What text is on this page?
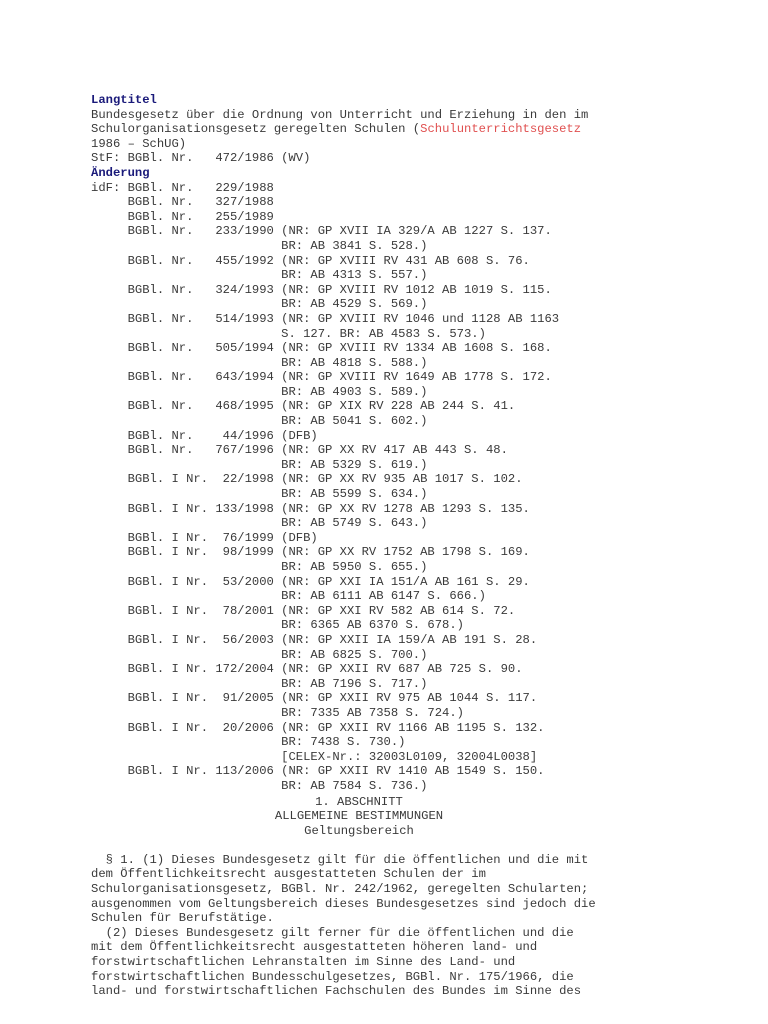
Langtitel
Bundesgesetz über die Ordnung von Unterricht und Erziehung in den im
Schulorganisationsgesetz geregelten Schulen (Schulunterrichtsgesetz
1986 – SchUG)
StF: BGBl. Nr.   472/1986 (WV)
Änderung
idF: BGBl. Nr.   229/1988
BGBl. Nr.   327/1988
BGBl. Nr.   255/1989
BGBl. Nr.   233/1990 (NR: GP XVII IA 329/A AB 1227 S. 137.
BR: AB 3841 S. 528.)
BGBl. Nr.   455/1992 (NR: GP XVIII RV 431 AB 608 S. 76.
BR: AB 4313 S. 557.)
BGBl. Nr.   324/1993 (NR: GP XVIII RV 1012 AB 1019 S. 115.
BR: AB 4529 S. 569.)
BGBl. Nr.   514/1993 (NR: GP XVIII RV 1046 und 1128 AB 1163
S. 127. BR: AB 4583 S. 573.)
BGBl. Nr.   505/1994 (NR: GP XVIII RV 1334 AB 1608 S. 168.
BR: AB 4818 S. 588.)
BGBl. Nr.   643/1994 (NR: GP XVIII RV 1649 AB 1778 S. 172.
BR: AB 4903 S. 589.)
BGBl. Nr.   468/1995 (NR: GP XIX RV 228 AB 244 S. 41.
BR: AB 5041 S. 602.)
BGBl. Nr.    44/1996 (DFB)
BGBl. Nr.   767/1996 (NR: GP XX RV 417 AB 443 S. 48.
BR: AB 5329 S. 619.)
BGBl. I Nr.  22/1998 (NR: GP XX RV 935 AB 1017 S. 102.
BR: AB 5599 S. 634.)
BGBl. I Nr. 133/1998 (NR: GP XX RV 1278 AB 1293 S. 135.
BR: AB 5749 S. 643.)
BGBl. I Nr.  76/1999 (DFB)
BGBl. I Nr.  98/1999 (NR: GP XX RV 1752 AB 1798 S. 169.
BR: AB 5950 S. 655.)
BGBl. I Nr.  53/2000 (NR: GP XXI IA 151/A AB 161 S. 29.
BR: AB 6111 AB 6147 S. 666.)
BGBl. I Nr.  78/2001 (NR: GP XXI RV 582 AB 614 S. 72.
BR: 6365 AB 6370 S. 678.)
BGBl. I Nr.  56/2003 (NR: GP XXII IA 159/A AB 191 S. 28.
BR: AB 6825 S. 700.)
BGBl. I Nr. 172/2004 (NR: GP XXII RV 687 AB 725 S. 90.
BR: AB 7196 S. 717.)
BGBl. I Nr.  91/2005 (NR: GP XXII RV 975 AB 1044 S. 117.
BR: 7335 AB 7358 S. 724.)
BGBl. I Nr.  20/2006 (NR: GP XXII RV 1166 AB 1195 S. 132.
BR: 7438 S. 730.)
[CELEX-Nr.: 32003L0109, 32004L0038]
BGBl. I Nr. 113/2006 (NR: GP XXII RV 1410 AB 1549 S. 150.
BR: AB 7584 S. 736.)
1. ABSCHNITT
ALLGEMEINE BESTIMMUNGEN
Geltungsbereich
§ 1. (1) Dieses Bundesgesetz gilt für die öffentlichen und die mit
dem Öffentlichkeitsrecht ausgestatteten Schulen der im
Schulorganisationsgesetz, BGBl. Nr. 242/1962, geregelten Schularten;
ausgenommen vom Geltungsbereich dieses Bundesgesetzes sind jedoch die
Schulen für Berufstätige.
(2) Dieses Bundesgesetz gilt ferner für die öffentlichen und die
mit dem Öffentlichkeitsrecht ausgestatteten höheren land- und
forstwirtschaftlichen Lehranstalten im Sinne des Land- und
forstwirtschaftlichen Bundesschulgesetzes, BGBl. Nr. 175/1966, die
land- und forstwirtschaftlichen Fachschulen des Bundes im Sinne des
